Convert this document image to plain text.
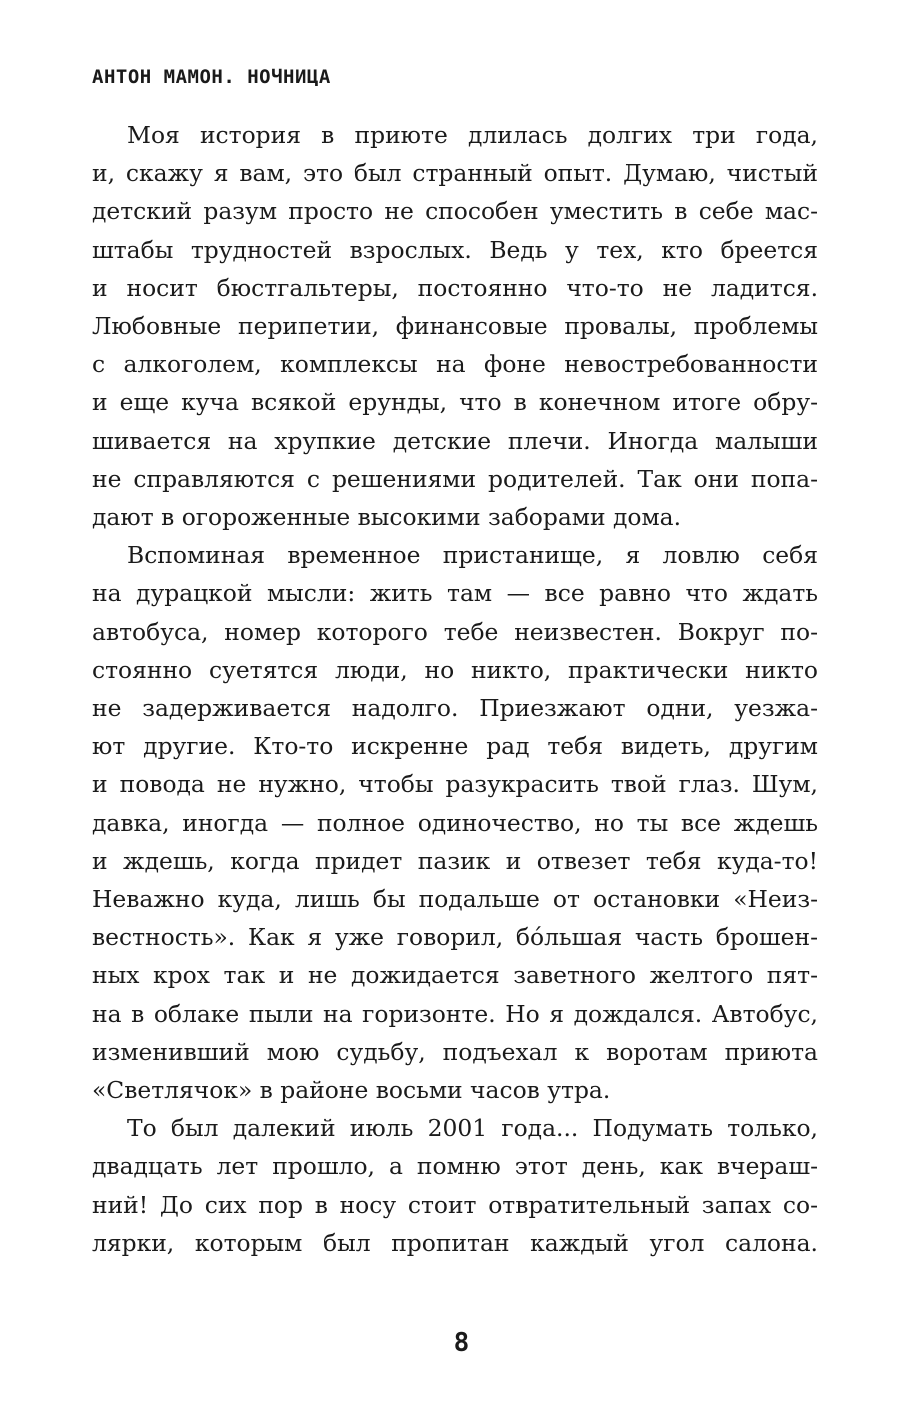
АНТОН МАМОН. НОЧНИЦА
Моя история в приюте длилась долгих три года,
и, скажу я вам, это был странный опыт. Думаю, чистый
детский разум просто не способен уместить в себе мас-
штабы трудностей взрослых. Ведь у тех, кто бреется
и носит бюстгальтеры, постоянно что-то не ладится.
Любовные перипетии, финансовые провалы, проблемы
с алкоголем, комплексы на фоне невостребованности
и еще куча всякой ерунды, что в конечном итоге обру-
шивается на хрупкие детские плечи. Иногда малыши
не справляются с решениями родителей. Так они попа-
дают в огороженные высокими заборами дома.
Вспоминая временное пристанище, я ловлю себя
на дурацкой мысли: жить там — все равно что ждать
автобуса, номер которого тебе неизвестен. Вокруг по-
стоянно суетятся люди, но никто, практически никто
не задерживается надолго. Приезжают одни, уезжа-
ют другие. Кто-то искренне рад тебя видеть, другим
и повода не нужно, чтобы разукрасить твой глаз. Шум,
давка, иногда — полное одиночество, но ты все ждешь
и ждешь, когда придет пазик и отвезет тебя куда-то!
Неважно куда, лишь бы подальше от остановки «Неиз-
вестность». Как я уже говорил, бóльшая часть брошен-
ных крох так и не дожидается заветного желтого пят-
на в облаке пыли на горизонте. Но я дождался. Автобус,
изменивший мою судьбу, подъехал к воротам приюта
«Светлячок» в районе восьми часов утра.
То был далекий июль 2001 года... Подумать только,
двадцать лет прошло, а помню этот день, как вчераш-
ний! До сих пор в носу стоит отвратительный запах со-
лярки, которым был пропитан каждый угол салона.
8
